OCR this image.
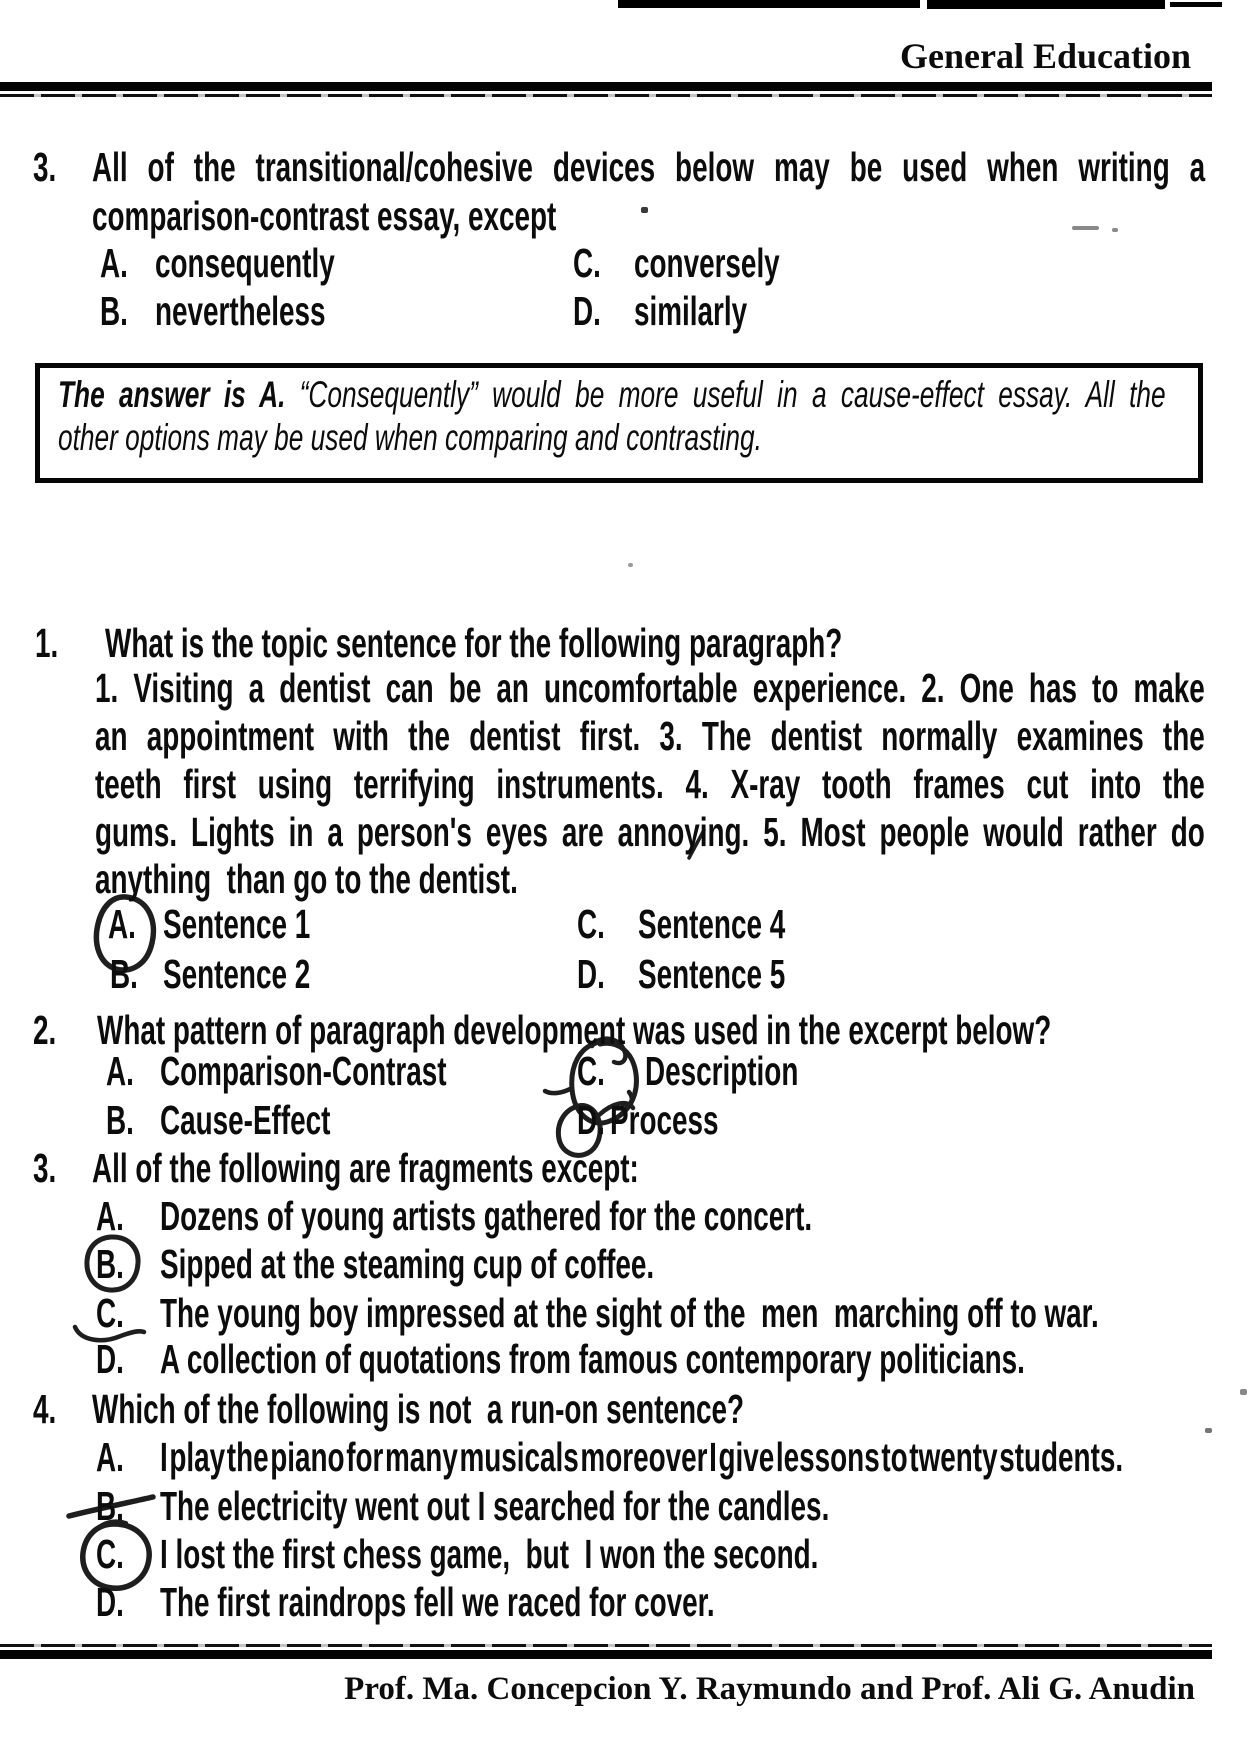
General Education
3. All of the transitional/cohesive devices below may be used when writing a
comparison-contrast essay, except
A. consequently	C. conversely
B. nevertheless	D. similarly
The answer is A. “Consequently” would be more useful in a cause-effect essay. All the
other options may be used when comparing and contrasting.
1. What is the topic sentence for the following paragraph?
1. Visiting a dentist can be an uncomfortable experience. 2. One has to make
an appointment with the dentist first. 3. The dentist normally examines the
teeth first using terrifying instruments. 4. X-ray tooth frames cut into the
gums. Lights in a person's eyes are annoying. 5. Most people would rather do
anything  than go to the dentist.
A. Sentence 1	C. Sentence 4
B. Sentence 2	D. Sentence 5
2. What pattern of paragraph development was used in the excerpt below?
A. Comparison-Contrast	C. Description
B. Cause-Effect	D. Process
3. All of the following are fragments except:
A. Dozens of young artists gathered for the concert.
B. Sipped at the steaming cup of coffee.
C. The young boy impressed at the sight of the  men  marching off to war.
D. A collection of quotations from famous contemporary politicians.
4. Which of the following is not  a run-on sentence?
A. I play the piano for many musicals moreover I give lessons to twenty students.
B. The electricity went out I searched for the candles.
C. I lost the first chess game,  but  I won the second.
D. The first raindrops fell we raced for cover.
Prof. Ma. Concepcion Y. Raymundo and Prof. Ali G. Anudin
